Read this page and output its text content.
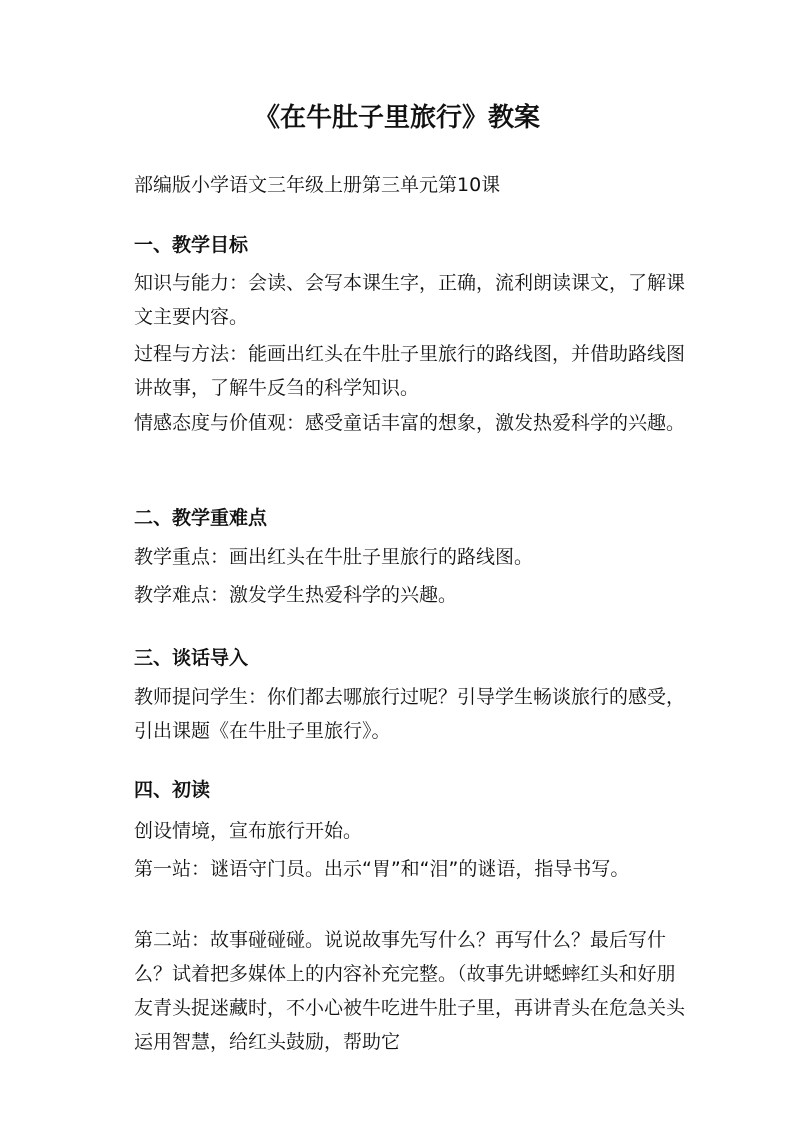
《在牛肚子里旅行》教案
部编版小学语文三年级上册第三单元第10课
一、教学目标

知识与能力：会读、会写本课生字，正确，流利朗读课文，了解课文主要内容。

过程与方法：能画出红头在牛肚子里旅行的路线图，并借助路线图讲故事，了解牛反刍的科学知识。

情感态度与价值观：感受童话丰富的想象，激发热爱科学的兴趣。

二、教学重难点

教学重点：画出红头在牛肚子里旅行的路线图。

教学难点：激发学生热爱科学的兴趣。

三、谈话导入

教师提问学生：你们都去哪旅行过呢？引导学生畅谈旅行的感受，引出课题《在牛肚子里旅行》。

四、初读

创设情境，宣布旅行开始。

第一站：谜语守门员。出示“胃”和“泪”的谜语，指导书写。

第二站：故事碰碰碰。说说故事先写什么？再写什么？最后写什么？试着把多媒体上的内容补充完整。（故事先讲蟋蟀红头和好朋友青头捉迷藏时，不小心被牛吃进牛肚子里，再讲青头在危急关头运用智慧，给红头鼓励，帮助它
